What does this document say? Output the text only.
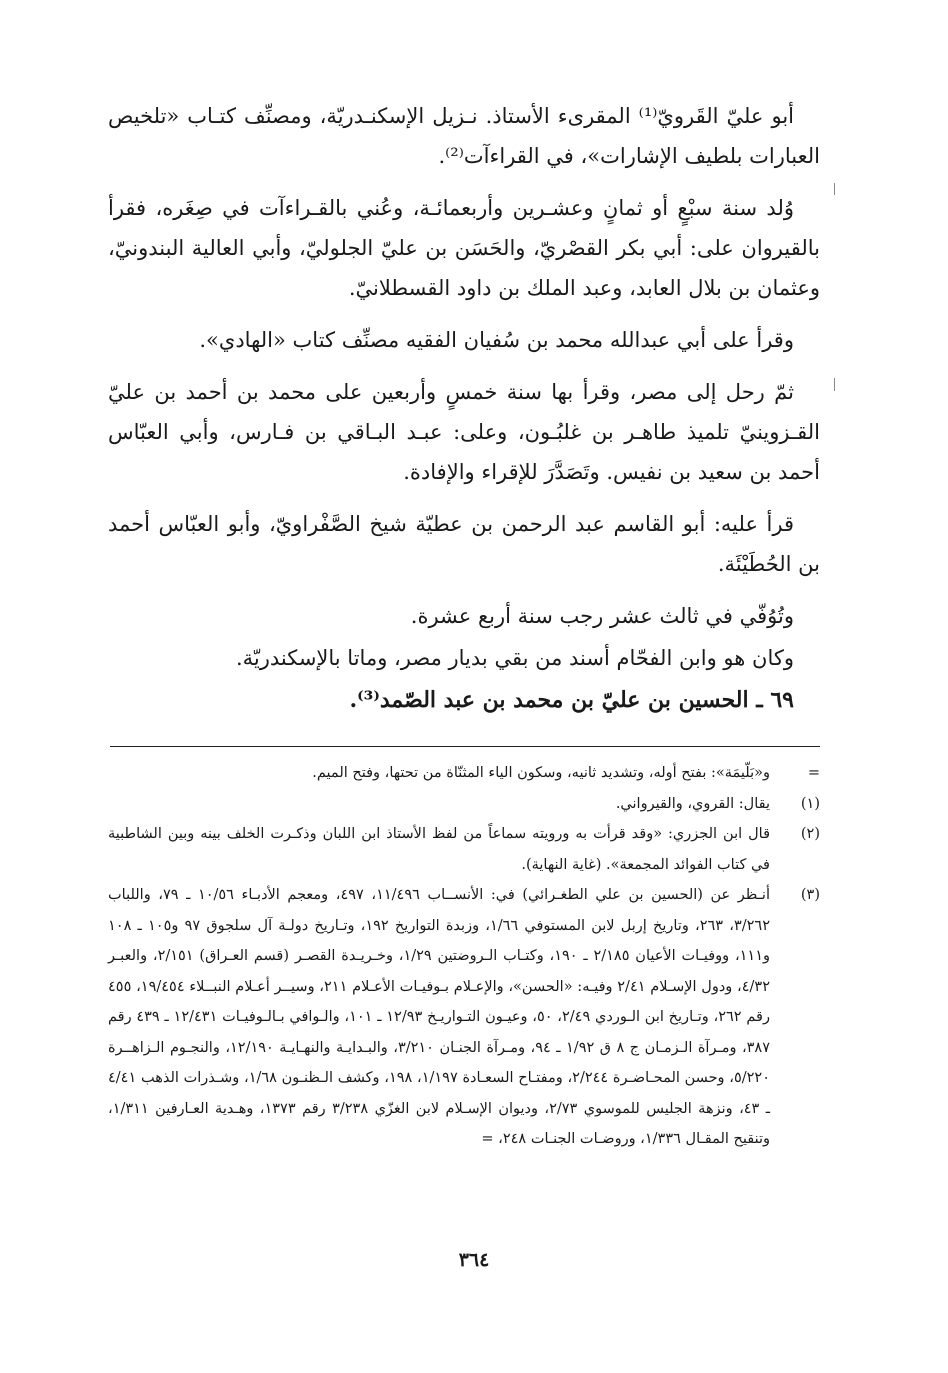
أبو عليّ القَرويّ⁽¹⁾ المقرىء الأستاذ. نـزيل الإسكنـدريّة، ومصنِّف كتـاب «تلخيص العبارات بلطيف الإشارات»، في القراءآت⁽²⁾.

وُلد سنة سبْعٍ أو ثمانٍ وعشـرين وأربعمائـة، وعُني بالقـراءآت في صِغَره، فقرأ بالقيروان على: أبي بكر القصْريّ، والحَسَن بن عليّ الجلوليّ، وأبي العالية البندونيّ، وعثمان بن بلال العابد، وعبد الملك بن داود القسطلانيّ.

وقرأ على أبي عبدالله محمد بن سُفيان الفقيه مصنِّف كتاب «الهادي».

ثمّ رحل إلى مصر، وقرأ بها سنة خمسٍ وأربعين على محمد بن أحمد بن عليّ القـزوينيّ تلميذ طاهـر بن غلبُـون، وعلى: عبـد البـاقي بن فـارس، وأبي العبّاس أحمد بن سعيد بن نفيس. وتَصَدَّرَ للإقراء والإفادة.

قرأ عليه: أبو القاسم عبد الرحمن بن عطيّة شيخ الصَّفْراويّ، وأبو العبّاس أحمد بن الحُطَيْئَة.

وتُوُفّي في ثالث عشر رجب سنة أربع عشرة.

وكان هو وابن الفحّام أسند من بقي بديار مصر، وماتا بالإسكندريّة.

٦٩ ـ الحسين بن عليّ بن محمد بن عبد الصّمد⁽³⁾.

=
و«بَلّيمَة»: بفتح أوله، وتشديد ثانيه، وسكون الياء المثنّاة من تحتها، وفتح الميم.
(١)
يقال: القروي، والقيرواني.
(٢)
قال ابن الجزري: «وقد قرأت به ورويته سماعاً من لفظ الأستاذ ابن اللبان وذكـرت الخلف بينه وبين الشاطبية في كتاب الفوائد المجمعة». (غاية النهاية).
(٣)
أنـظر عن (الحسين بن علي الطغـرائي) في: الأنســاب ١١/٤٩٦، ٤٩٧، ومعجم الأدبـاء ١٠/٥٦ ـ ٧٩، واللباب ٣/٢٦٢، ٢٦٣، وتاريخ إربل لابن المستوفي ١/٦٦، وزبدة التواريخ ١٩٢، وتـاريخ دولـة آل سلجوق ٩٧ و١٠٥ ـ ١٠٨ و١١١، ووفيـات الأعيان ٢/١٨٥ ـ ١٩٠، وكتـاب الـروضتين ١/٢٩، وخـريـدة القصـر (قسم العـراق) ٢/١٥١، والعبـر ٤/٣٢، ودول الإسـلام ٢/٤١ وفيـه: «الحسن»، والإعـلام بـوفيـات الأعـلام ٢١١، وسيــر أعـلام النبــلاء ١٩/٤٥٤، ٤٥٥ رقم ٢٦٢، وتـاريخ ابن الـوردي ٢/٤٩، ٥٠، وعيـون التـواريـخ ١٢/٩٣ ـ ١٠١، والـوافي بـالـوفيـات ١٢/٤٣١ ـ ٤٣٩ رقم ٣٨٧، ومـرآة الـزمـان ج ٨ ق ١/٩٢ ـ ٩٤، ومـرآة الجنـان ٣/٢١٠، والبـدايـة والنهـايـة ١٢/١٩٠، والنجـوم الـزاهــرة ٥/٢٢٠، وحسن المحـاضـرة ٢/٢٤٤، ومفتـاح السعـادة ١/١٩٧، ١٩٨، وكشف الـظنـون ١/٦٨، وشـذرات الذهب ٤/٤١ ـ ٤٣، ونزهة الجليس للموسوي ٢/٧٣، وديوان الإسـلام لابن الغزّي ٣/٢٣٨ رقم ١٣٧٣، وهـدية العـارفين ١/٣١١، وتنقيح المقـال ١/٣٣٦، وروضـات الجنـات ٢٤٨، =
٣٦٤
